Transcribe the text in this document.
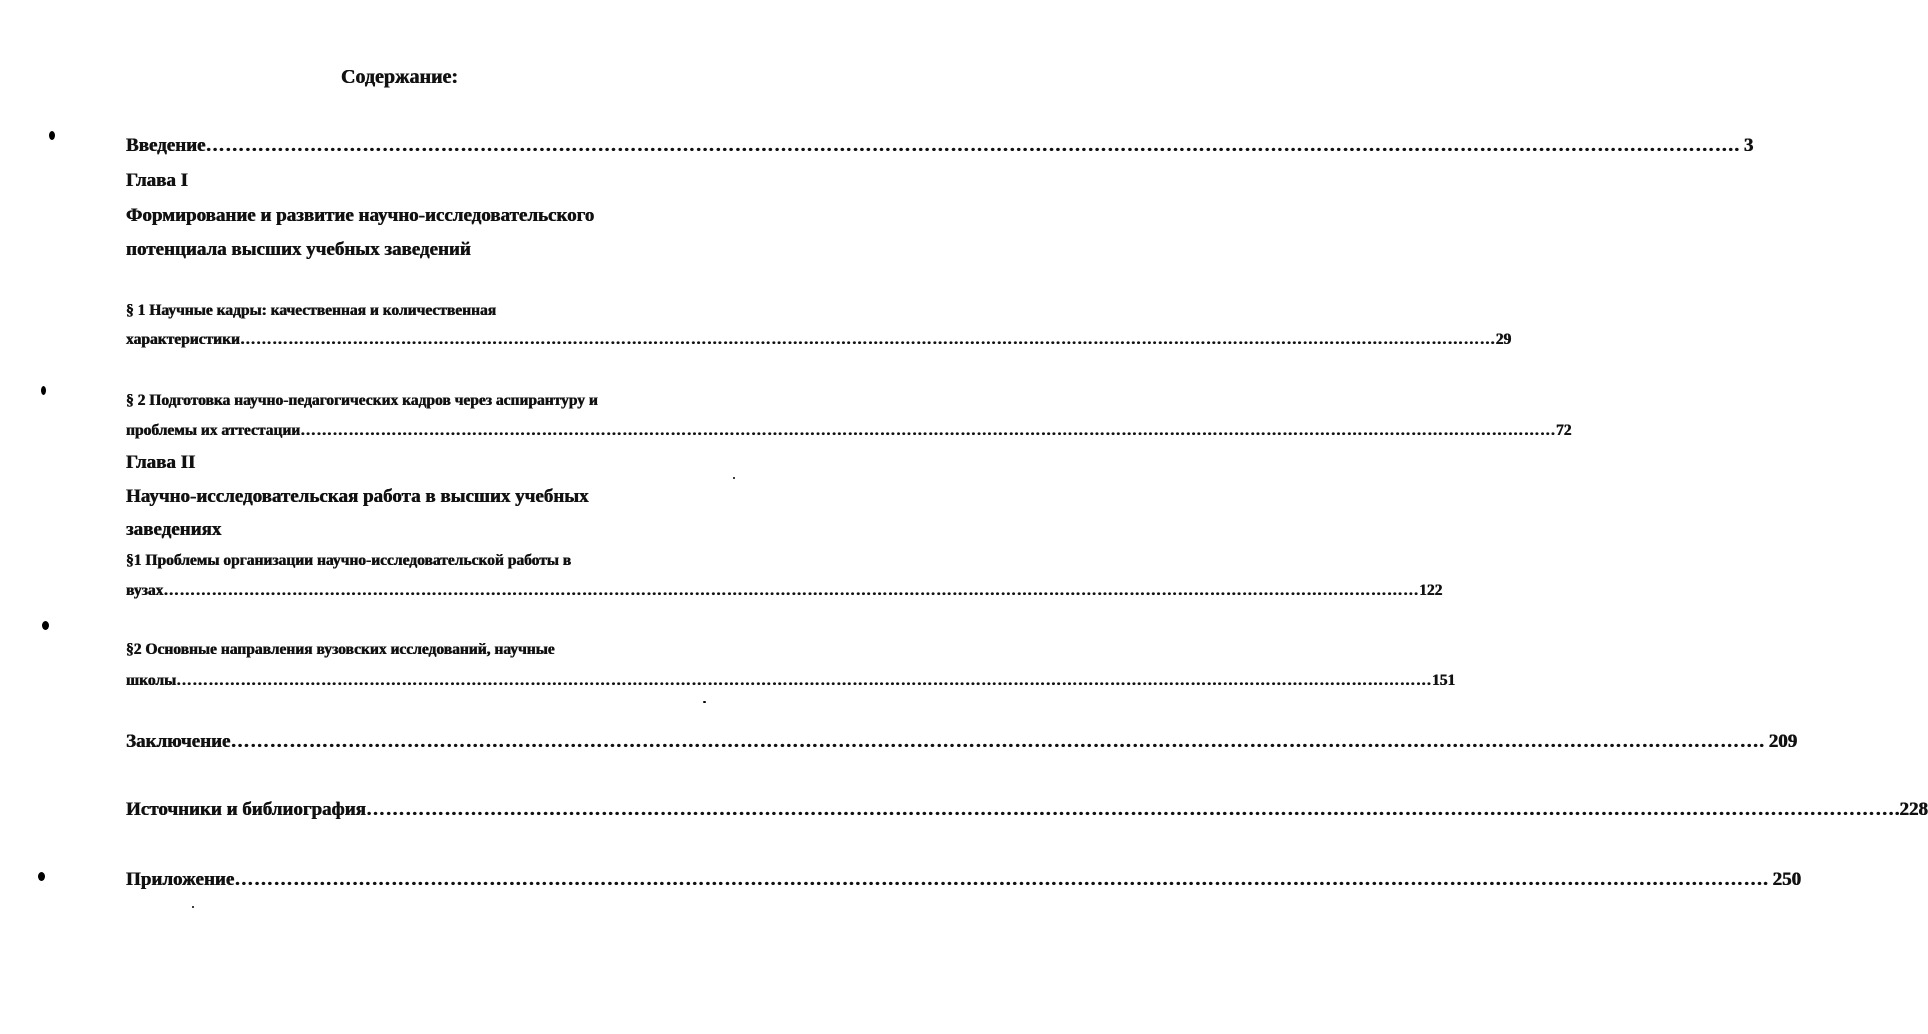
Содержание:
Введение ……………………………………………………………………………………………………………………………………………………………………………………………………………… . 3
Глава I
Формирование и развитие научно-исследовательского
потенциала высших учебных заведений
§ 1 Научные кадры: качественная и количественная
характеристики ……………………………………………………………………………………………………………………………………………………………………………………………………………… 29
§ 2 Подготовка научно-педагогических кадров через аспирантуру и
проблемы их аттестации ……………………………………………………………………………………………………………………………………………………………………………………………………………… 72
Глава II
Научно-исследовательская работа в высших учебных
заведениях
§1 Проблемы организации научно-исследовательской работы в
вузах ……………………………………………………………………………………………………………………………………………………………………………………………………………… 122
§2 Основные направления вузовских исследований, научные
школы ……………………………………………………………………………………………………………………………………………………………………………………………………………… 151
Заключение ……………………………………………………………………………………………………………………………………………………………………………………………………………… . 209
Источники и библиография ……………………………………………………………………………………………………………………………………………………………………………………………………………… .228
Приложение ……………………………………………………………………………………………………………………………………………………………………………………………………………… . 250
